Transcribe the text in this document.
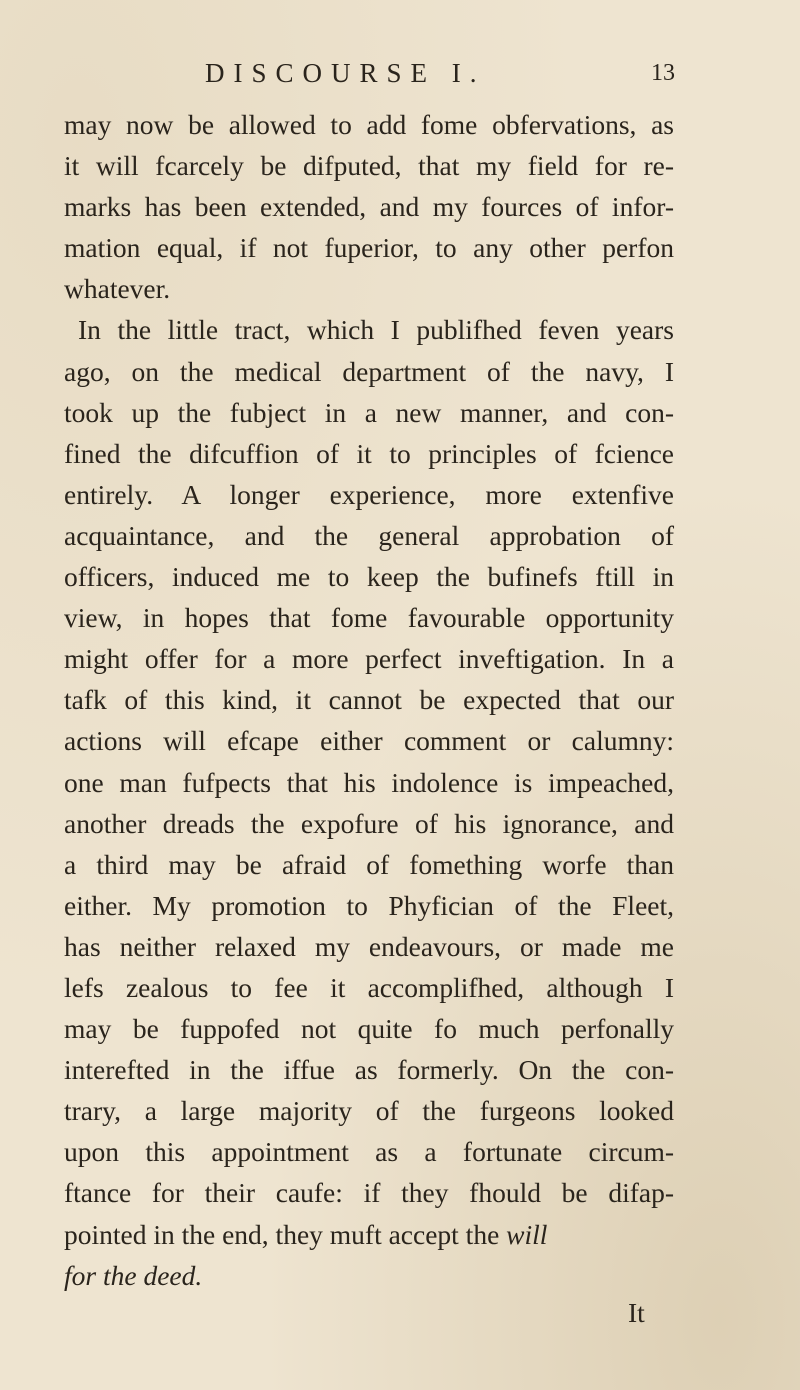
DISCOURSE I.	13
may now be allowed to add fome obfervations, as
it will fcarcely be difputed, that my field for re-
marks has been extended, and my fources of infor-
mation equal, if not fuperior, to any other perfon
whatever.
In the little tract, which I publifhed feven years
ago, on the medical department of the navy, I
took up the fubject in a new manner, and con-
fined the difcuffion of it to principles of fcience
entirely. A longer experience, more extenfive
acquaintance, and the general approbation of
officers, induced me to keep the bufinefs ftill in
view, in hopes that fome favourable opportunity
might offer for a more perfect inveftigation. In a
tafk of this kind, it cannot be expected that our
actions will efcape either comment or calumny:
one man fufpects that his indolence is impeached,
another dreads the expofure of his ignorance, and
a third may be afraid of fomething worfe than
either. My promotion to Phyfician of the Fleet,
has neither relaxed my endeavours, or made me
lefs zealous to fee it accomplifhed, although I
may be fuppofed not quite fo much perfonally
interefted in the iffue as formerly. On the con-
trary, a large majority of the furgeons looked
upon this appointment as a fortunate circum-
ftance for their caufe: if they fhould be difap-
pointed in the end, they muft accept the will
for the deed.
It
